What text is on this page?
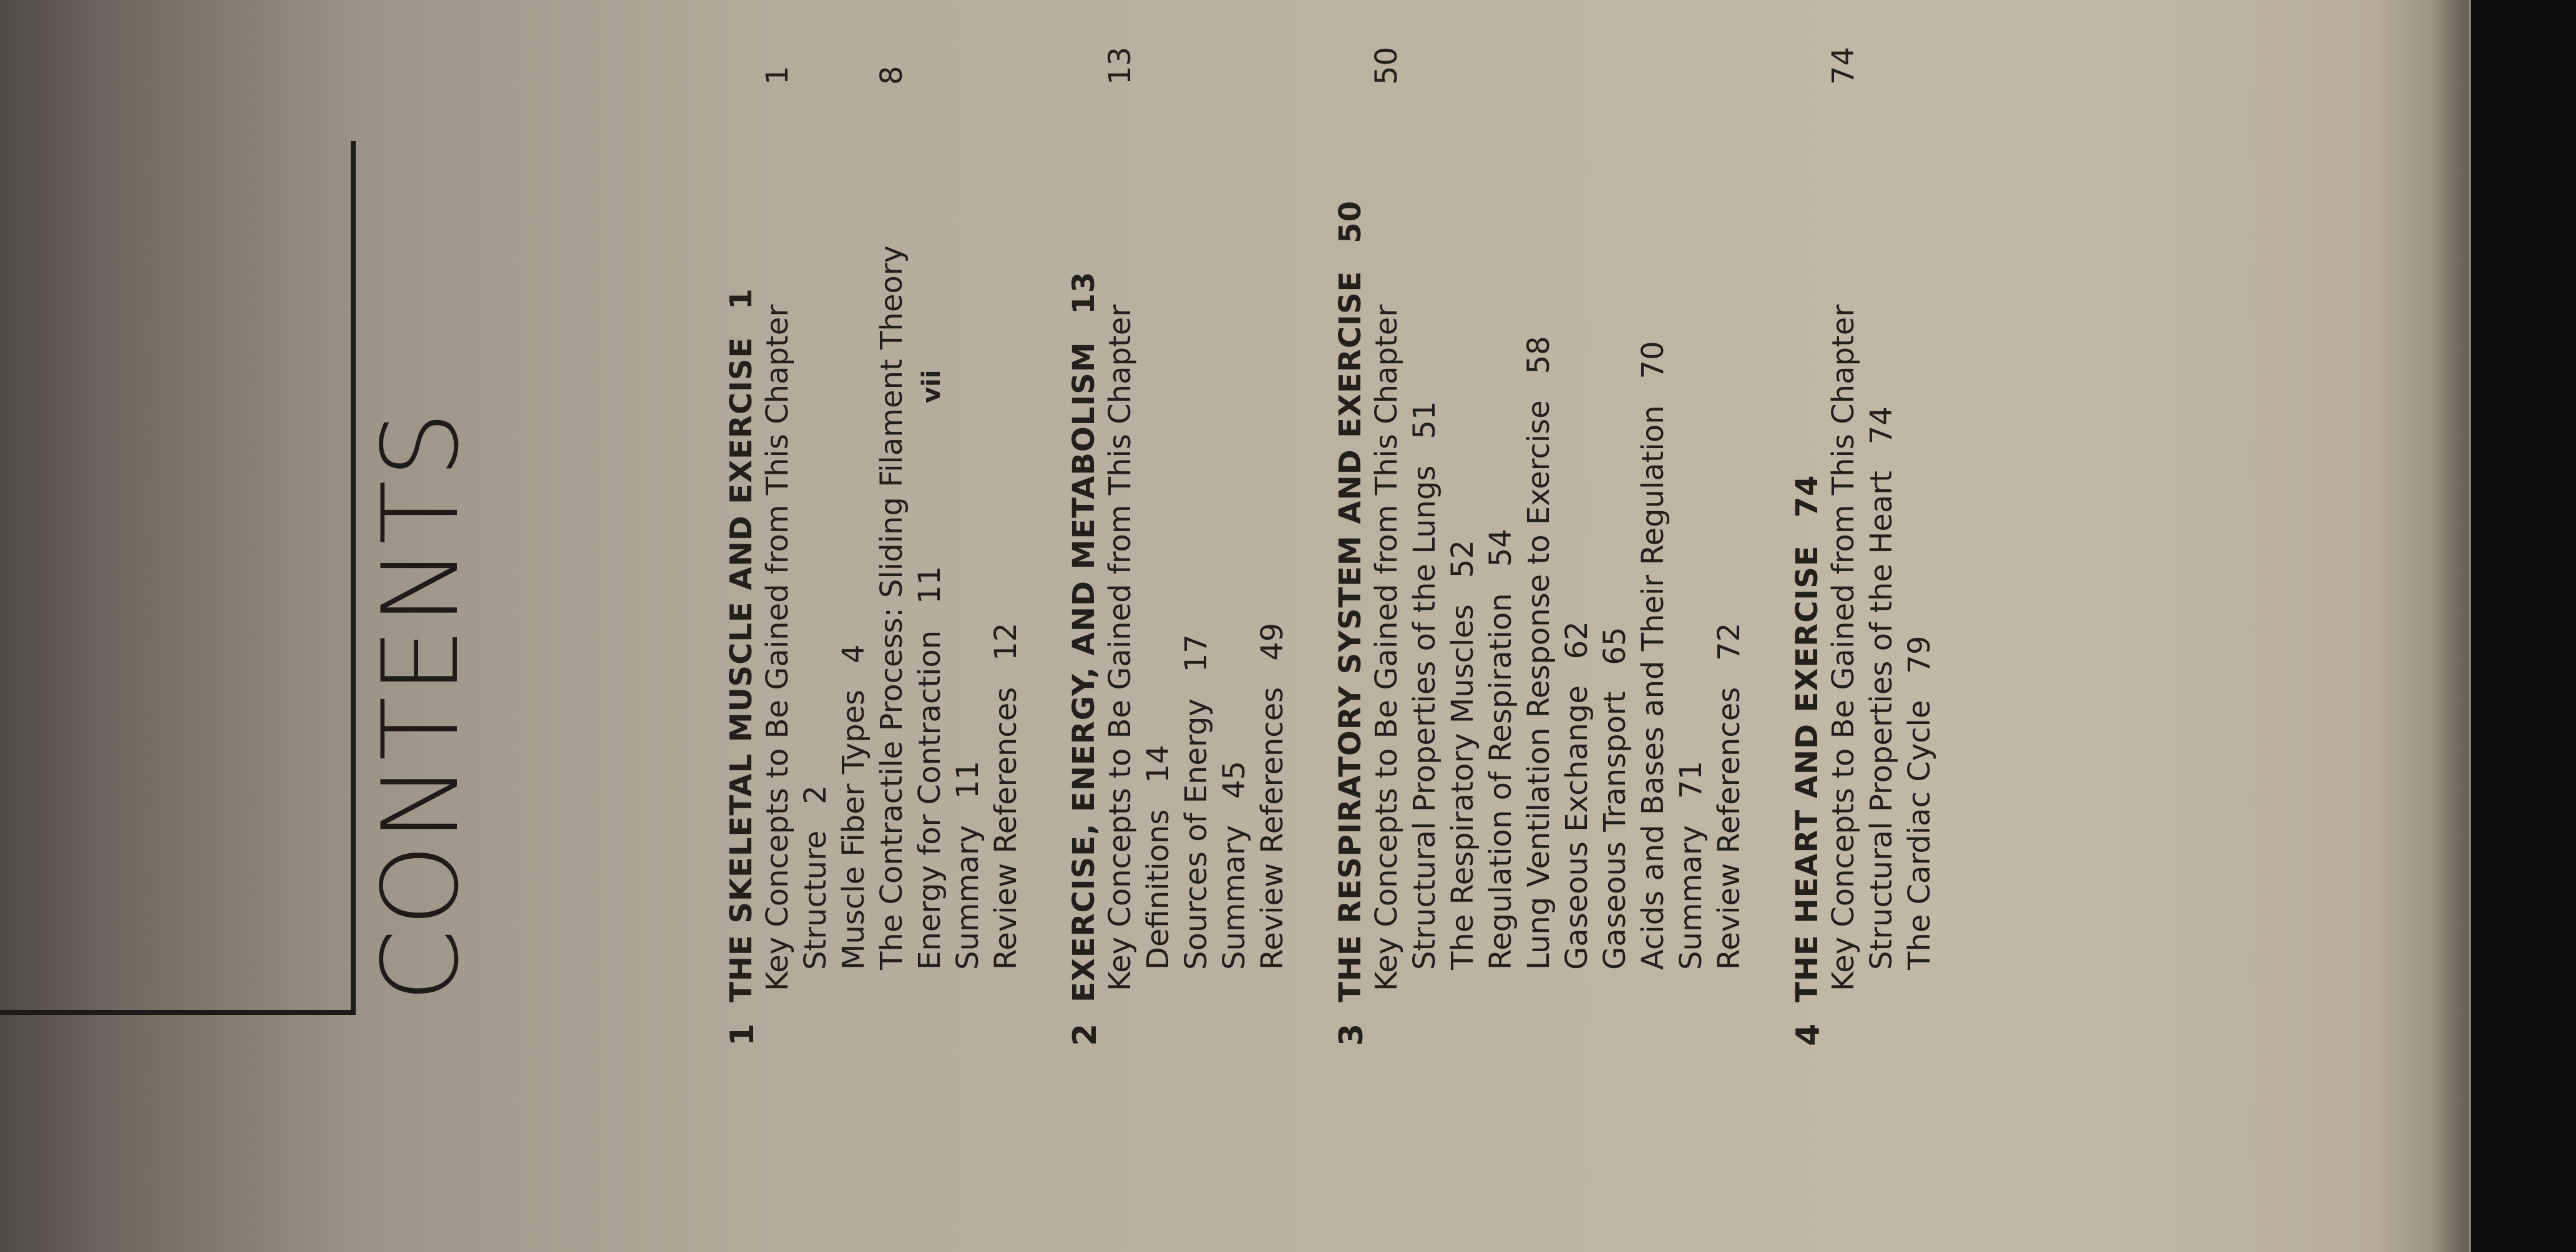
CONTENTS
1
THE SKELETAL MUSCLE AND EXERCISE1
Key Concepts to Be Gained from This Chapter
1
Structure2 Muscle Fiber Types4 The Contractile Process: Sliding Filament Theory
8
Energy for Contraction11
Summary11 Review References12
2
EXERCISE, ENERGY, AND METABOLISM13
Key Concepts to Be Gained from This Chapter
13
Definitions14 Sources of Energy17
Summary45 Review References49
3
THE RESPIRATORY SYSTEM AND EXERCISE50
Key Concepts to Be Gained from This Chapter
50
Structural Properties of the Lungs51
The Respiratory Muscles52
Regulation of Respiration54 Lung Ventilation Response to Exercise58
Gaseous Exchange62
Gaseous Transport65 Acids and Bases and Their Regulation70
Summary71 Review References72
4
THE HEART AND EXERCISE74 Key Concepts to Be Gained from This Chapter
74
Structural Properties of the Heart74
The Cardiac Cycle79
vii
